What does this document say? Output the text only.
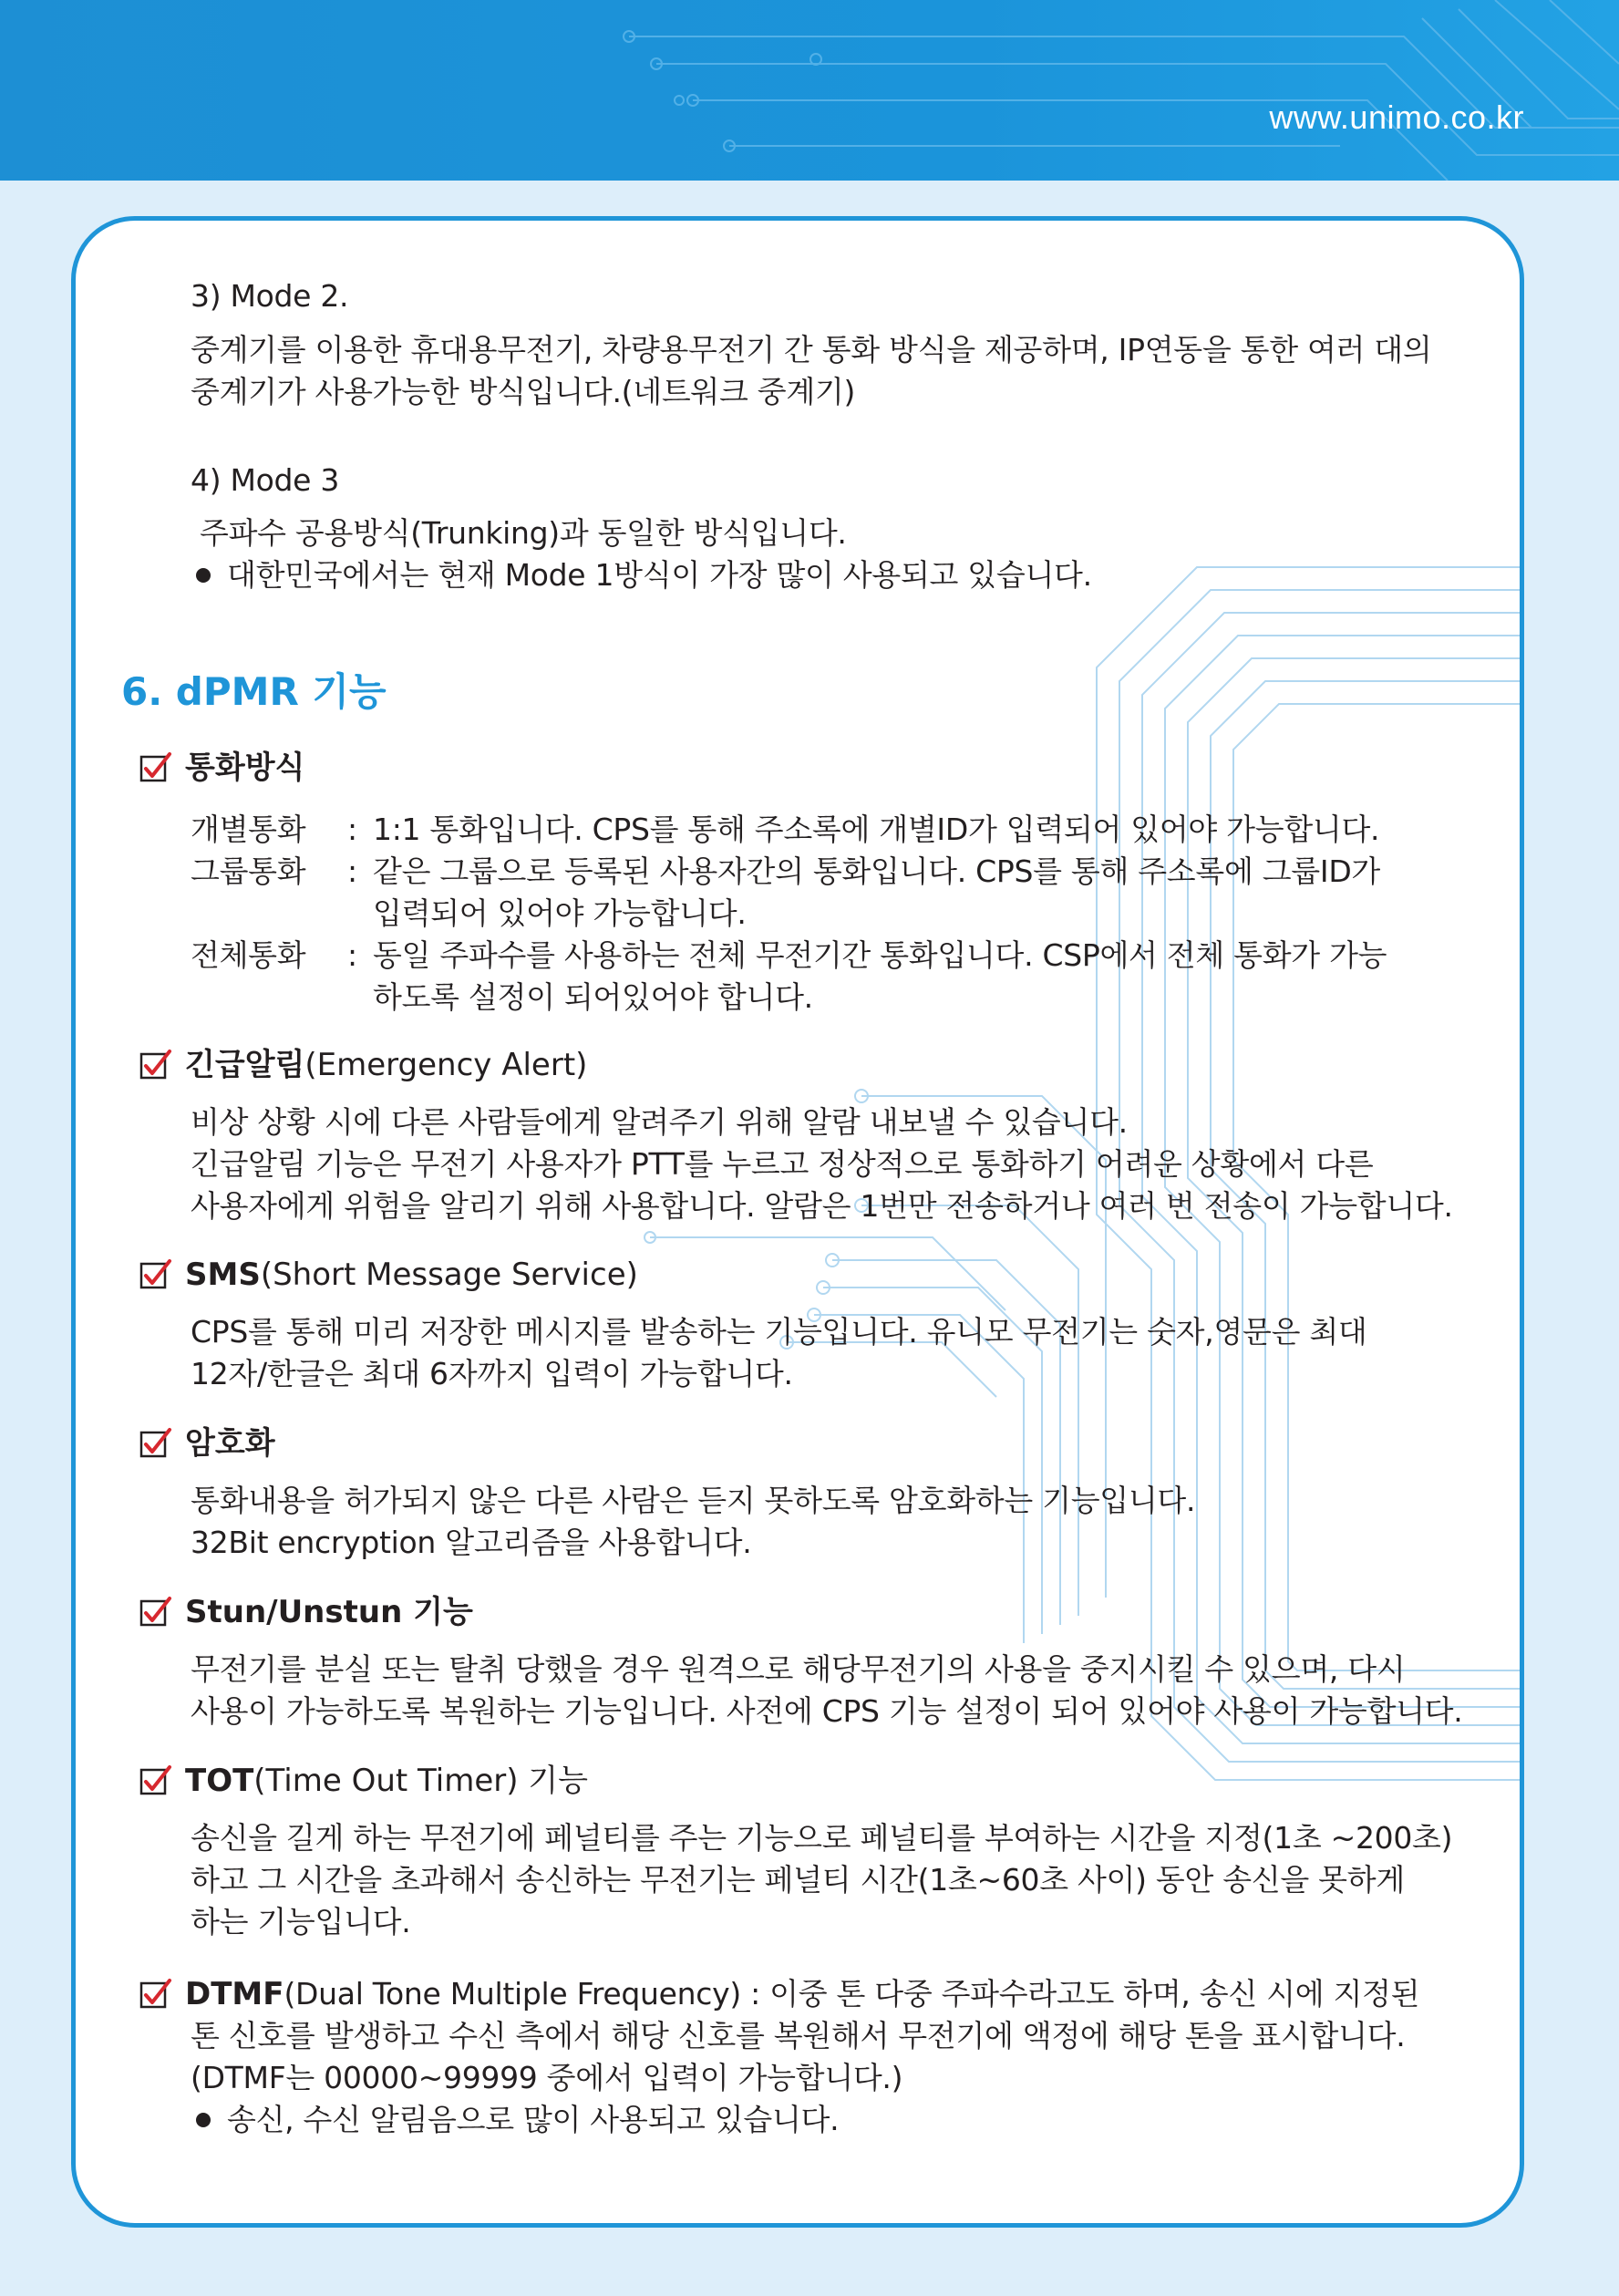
www.unimo.co.kr
3) Mode 2.
중계기를 이용한 휴대용무전기, 차량용무전기 간 통화 방식을 제공하며, IP연동을 통한 여러 대의
중계기가 사용가능한 방식입니다.(네트워크 중계기)
4) Mode 3
주파수 공용방식(Trunking)과 동일한 방식입니다.
대한민국에서는 현재 Mode 1방식이 가장 많이 사용되고 있습니다.
6. dPMR 기능
통화방식
개별통화 : 1:1 통화입니다. CPS를 통해 주소록에 개별ID가 입력되어 있어야 가능합니다.
그룹통화 : 같은 그룹으로 등록된 사용자간의 통화입니다. CPS를 통해 주소록에 그룹ID가
입력되어 있어야 가능합니다.
전체통화 : 동일 주파수를 사용하는 전체 무전기간 통화입니다. CSP에서 전체 통화가 가능
하도록 설정이 되어있어야 합니다.
긴급알림 (Emergency Alert)
비상 상황 시에 다른 사람들에게 알려주기 위해 알람 내보낼 수 있습니다.
긴급알림 기능은 무전기 사용자가 PTT를 누르고 정상적으로 통화하기 어려운 상황에서 다른
사용자에게 위험을 알리기 위해 사용합니다. 알람은 1번만 전송하거나 여러 번 전송이 가능합니다.
SMS (Short Message Service)
CPS를 통해 미리 저장한 메시지를 발송하는 기능입니다. 유니모 무전기는 숫자,영문은 최대
12자/한글은 최대 6자까지 입력이 가능합니다.
암호화
통화내용을 허가되지 않은 다른 사람은 듣지 못하도록 암호화하는 기능입니다.
32Bit encryption 알고리즘을 사용합니다.
Stun/Unstun 기능
무전기를 분실 또는 탈취 당했을 경우 원격으로 해당무전기의 사용을 중지시킬 수 있으며, 다시
사용이 가능하도록 복원하는 기능입니다. 사전에 CPS 기능 설정이 되어 있어야 사용이 가능합니다.
TOT (Time Out Timer) 기능
송신을 길게 하는 무전기에 페널티를 주는 기능으로 페널티를 부여하는 시간을 지정(1초 ~200초)
하고 그 시간을 초과해서 송신하는 무전기는 페널티 시간(1초~60초 사이) 동안 송신을 못하게
하는 기능입니다.
DTMF (Dual Tone Multiple Frequency) : 이중 톤 다중 주파수라고도 하며, 송신 시에 지정된
톤 신호를 발생하고 수신 측에서 해당 신호를 복원해서 무전기에 액정에 해당 톤을 표시합니다.
(DTMF는 00000~99999 중에서 입력이 가능합니다.)
송신, 수신 알림음으로 많이 사용되고 있습니다.
